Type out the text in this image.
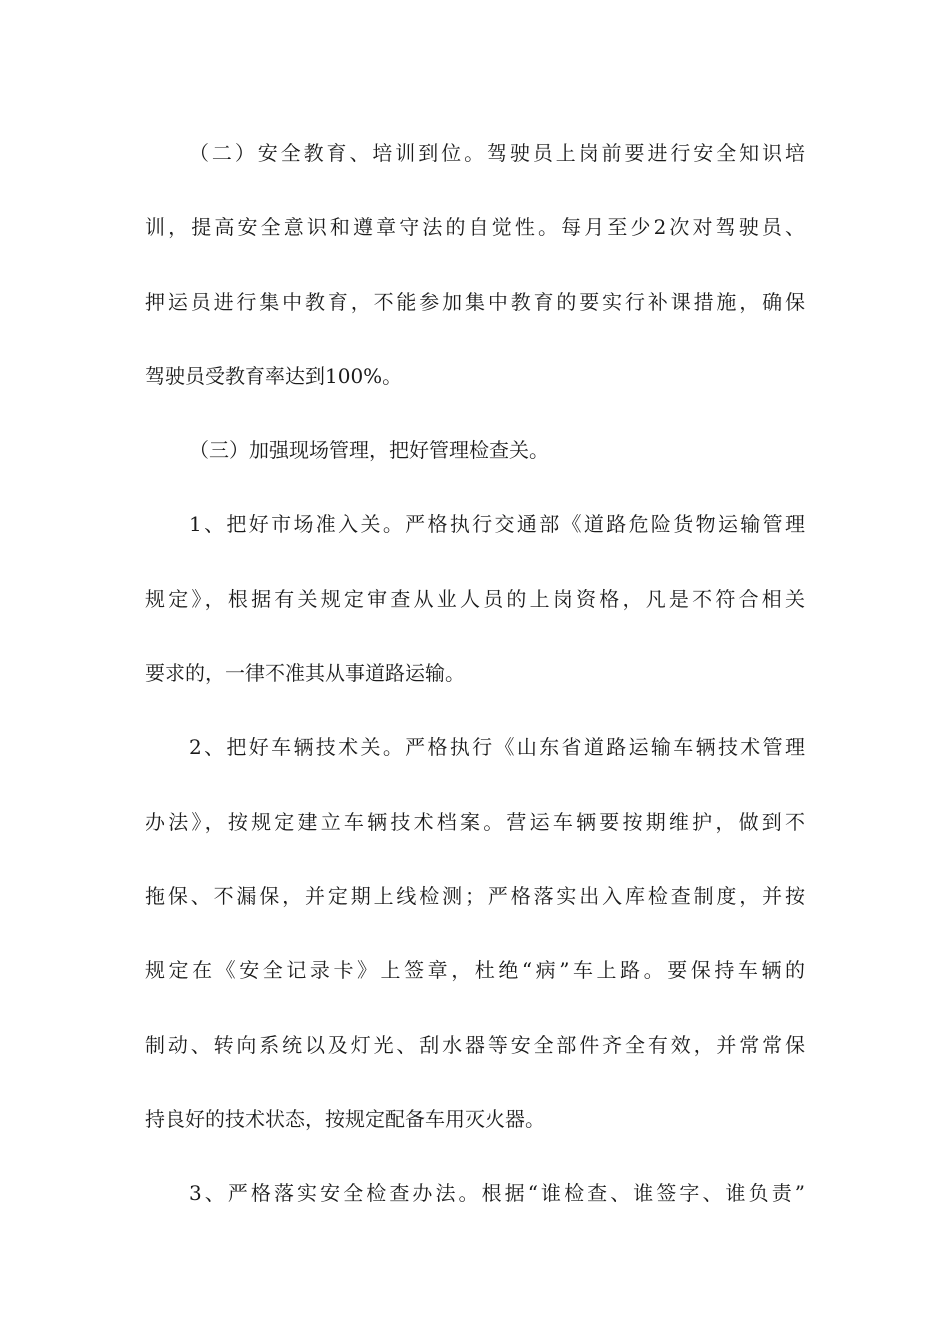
（二）安全教育、培训到位。驾驶员上岗前要进行安全知识培
训，提高安全意识和遵章守法的自觉性。每月至少2次对驾驶员、
押运员进行集中教育，不能参加集中教育的要实行补课措施，确保
驾驶员受教育率达到100%。
（三）加强现场管理，把好管理检查关。
1、把好市场准入关。严格执行交通部《道路危险货物运输管理
规定》，根据有关规定审查从业人员的上岗资格，凡是不符合相关
要求的，一律不准其从事道路运输。
2、把好车辆技术关。严格执行《山东省道路运输车辆技术管理
办法》，按规定建立车辆技术档案。营运车辆要按期维护，做到不
拖保、不漏保，并定期上线检测；严格落实出入库检查制度，并按
规定在《安全记录卡》上签章，杜绝“病”车上路。要保持车辆的
制动、转向系统以及灯光、刮水器等安全部件齐全有效，并常常保
持良好的技术状态，按规定配备车用灭火器。
3、严格落实安全检查办法。根据“谁检查、谁签字、谁负责”
